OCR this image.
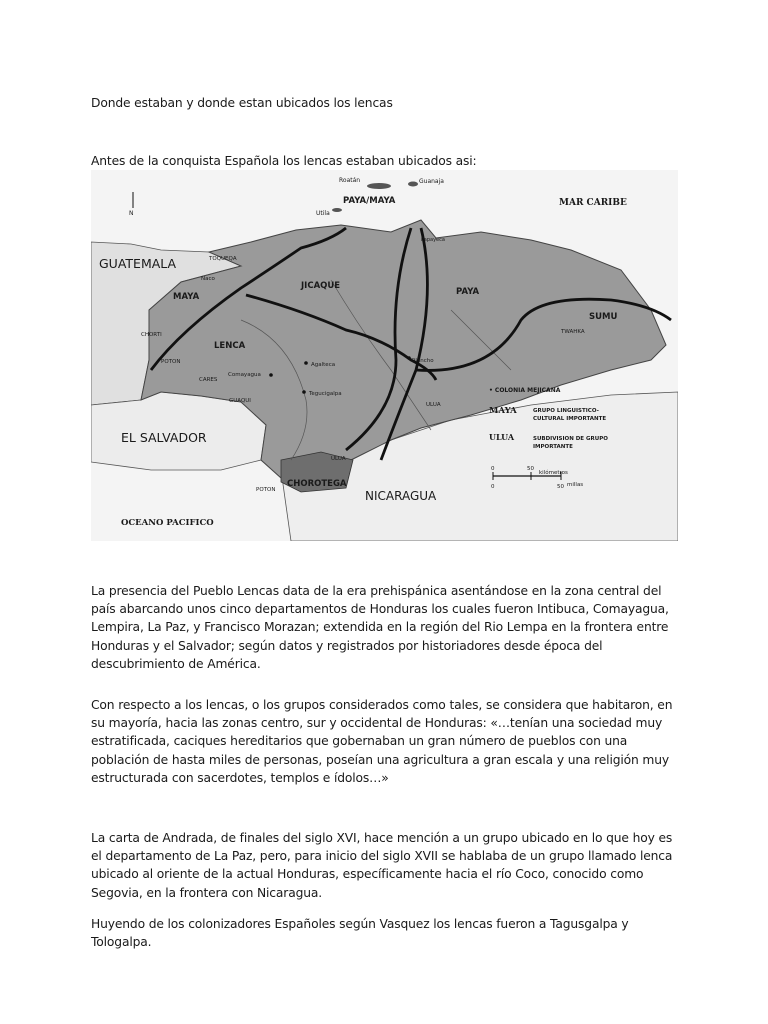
Donde estaban y donde estan ubicados los lencas

Antes de la conquista Española los lencas estaban ubicados asi:

Roatán	Guanaja
Utila
PAYA/MAYA	MAR CARIBE
N
GUATEMALA	TOQUEQA
Naco
MAYA
JICAQUE
PAYA
SUMU
TWAHKA
CHORTI
LENCA
POTON
CARES
Comayagua
Agalteca
Olancho
GUAQUI
Tegucigalpa
ULUA
Papayeca
EL SALVADOR
CHOROTEGA
NICARAGUA
OCEANO PACIFICO
POTON
ULUA
• COLONIA MEJICANA
MAYA	GRUPO LINGUISTICO-
CULTURAL IMPORTANTE
ULUA	SUBDIVISION DE GRUPO
IMPORTANTE
0	50
kilómetros
0	50 millas

La presencia del Pueblo Lencas data de la era prehispánica asentándose en la zona central del país abarcando unos cinco departamentos de Honduras los cuales fueron Intibuca, Comayagua, Lempira, La Paz, y Francisco Morazan; extendida en la región del Rio Lempa en la frontera entre Honduras y el Salvador; según datos y registrados por historiadores desde época del descubrimiento de América.

Con respecto a los lencas, o los grupos considerados como tales, se considera que habitaron, en su mayoría, hacia las zonas centro, sur y occidental de Honduras: «…tenían una sociedad muy estratificada, caciques hereditarios que gobernaban un gran número de pueblos con una población de hasta miles de personas, poseían una agricultura a gran escala y una religión muy estructurada con sacerdotes, templos e ídolos…»

La carta de Andrada, de finales del siglo XVI, hace mención a un grupo ubicado en lo que hoy es el departamento de La Paz, pero, para inicio del siglo XVII se hablaba de un grupo llamado lenca ubicado al oriente de la actual Honduras, específicamente hacia el río Coco, conocido como Segovia, en la frontera con Nicaragua.

Huyendo de los colonizadores Españoles según Vasquez los lencas fueron a Tagusgalpa y Tologalpa.
